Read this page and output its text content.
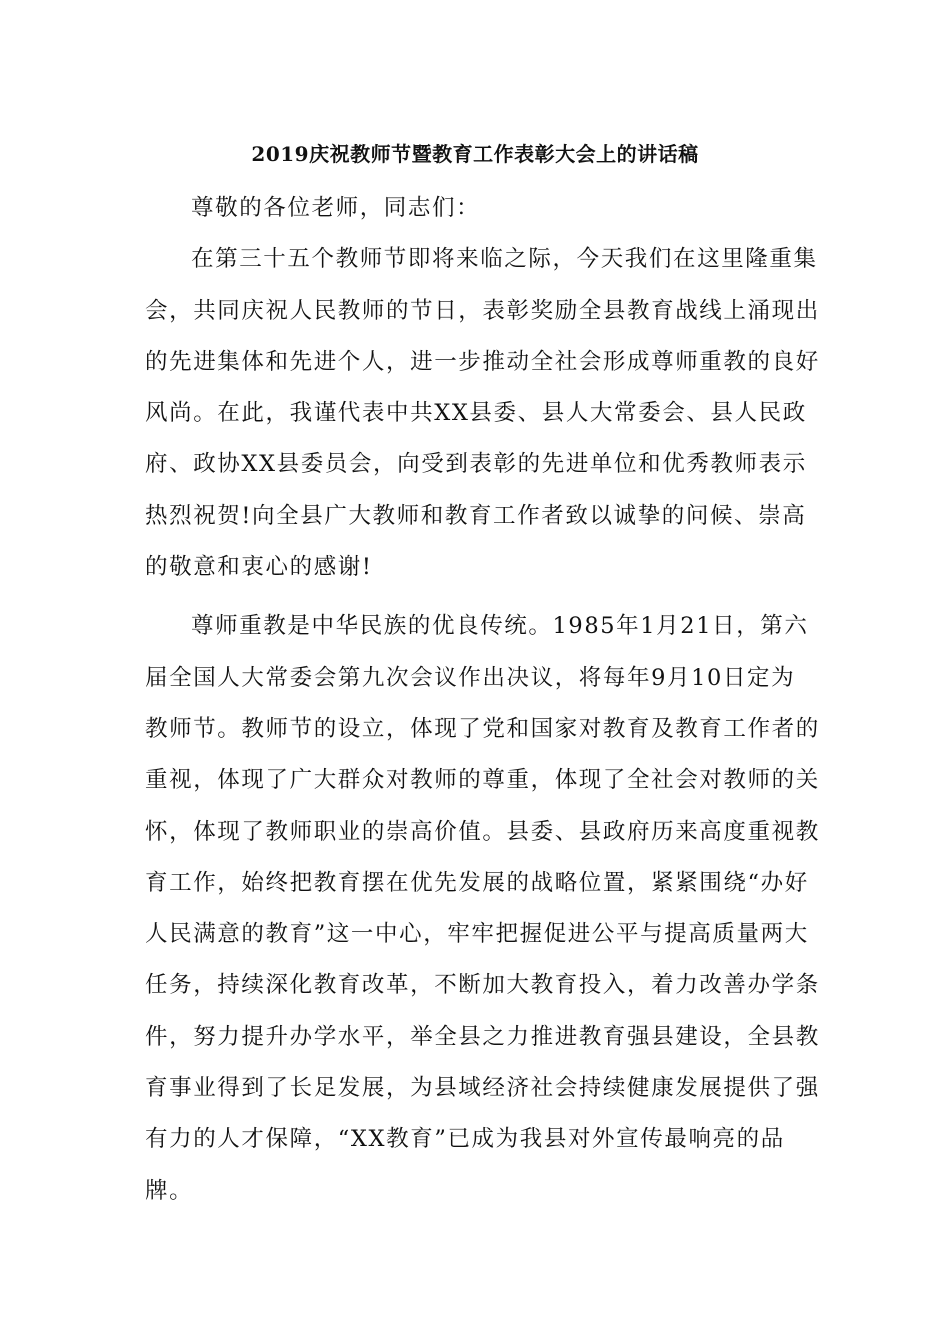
2019庆祝教师节暨教育工作表彰大会上的讲话稿

尊敬的各位老师，同志们：

在第三十五个教师节即将来临之际，今天我们在这里隆重集
会，共同庆祝人民教师的节日，表彰奖励全县教育战线上涌现出
的先进集体和先进个人，进一步推动全社会形成尊师重教的良好
风尚。在此，我谨代表中共XX县委、县人大常委会、县人民政
府、政协XX县委员会，向受到表彰的先进单位和优秀教师表示
热烈祝贺!向全县广大教师和教育工作者致以诚挚的问候、崇高
的敬意和衷心的感谢!

尊师重教是中华民族的优良传统。1985年1月21日，第六
届全国人大常委会第九次会议作出决议，将每年9月10日定为
教师节。教师节的设立，体现了党和国家对教育及教育工作者的
重视，体现了广大群众对教师的尊重，体现了全社会对教师的关
怀，体现了教师职业的崇高价值。县委、县政府历来高度重视教
育工作，始终把教育摆在优先发展的战略位置，紧紧围绕“办好
人民满意的教育”这一中心，牢牢把握促进公平与提高质量两大
任务，持续深化教育改革，不断加大教育投入，着力改善办学条
件，努力提升办学水平，举全县之力推进教育强县建设，全县教
育事业得到了长足发展，为县域经济社会持续健康发展提供了强
有力的人才保障，“XX教育”已成为我县对外宣传最响亮的品
牌。
